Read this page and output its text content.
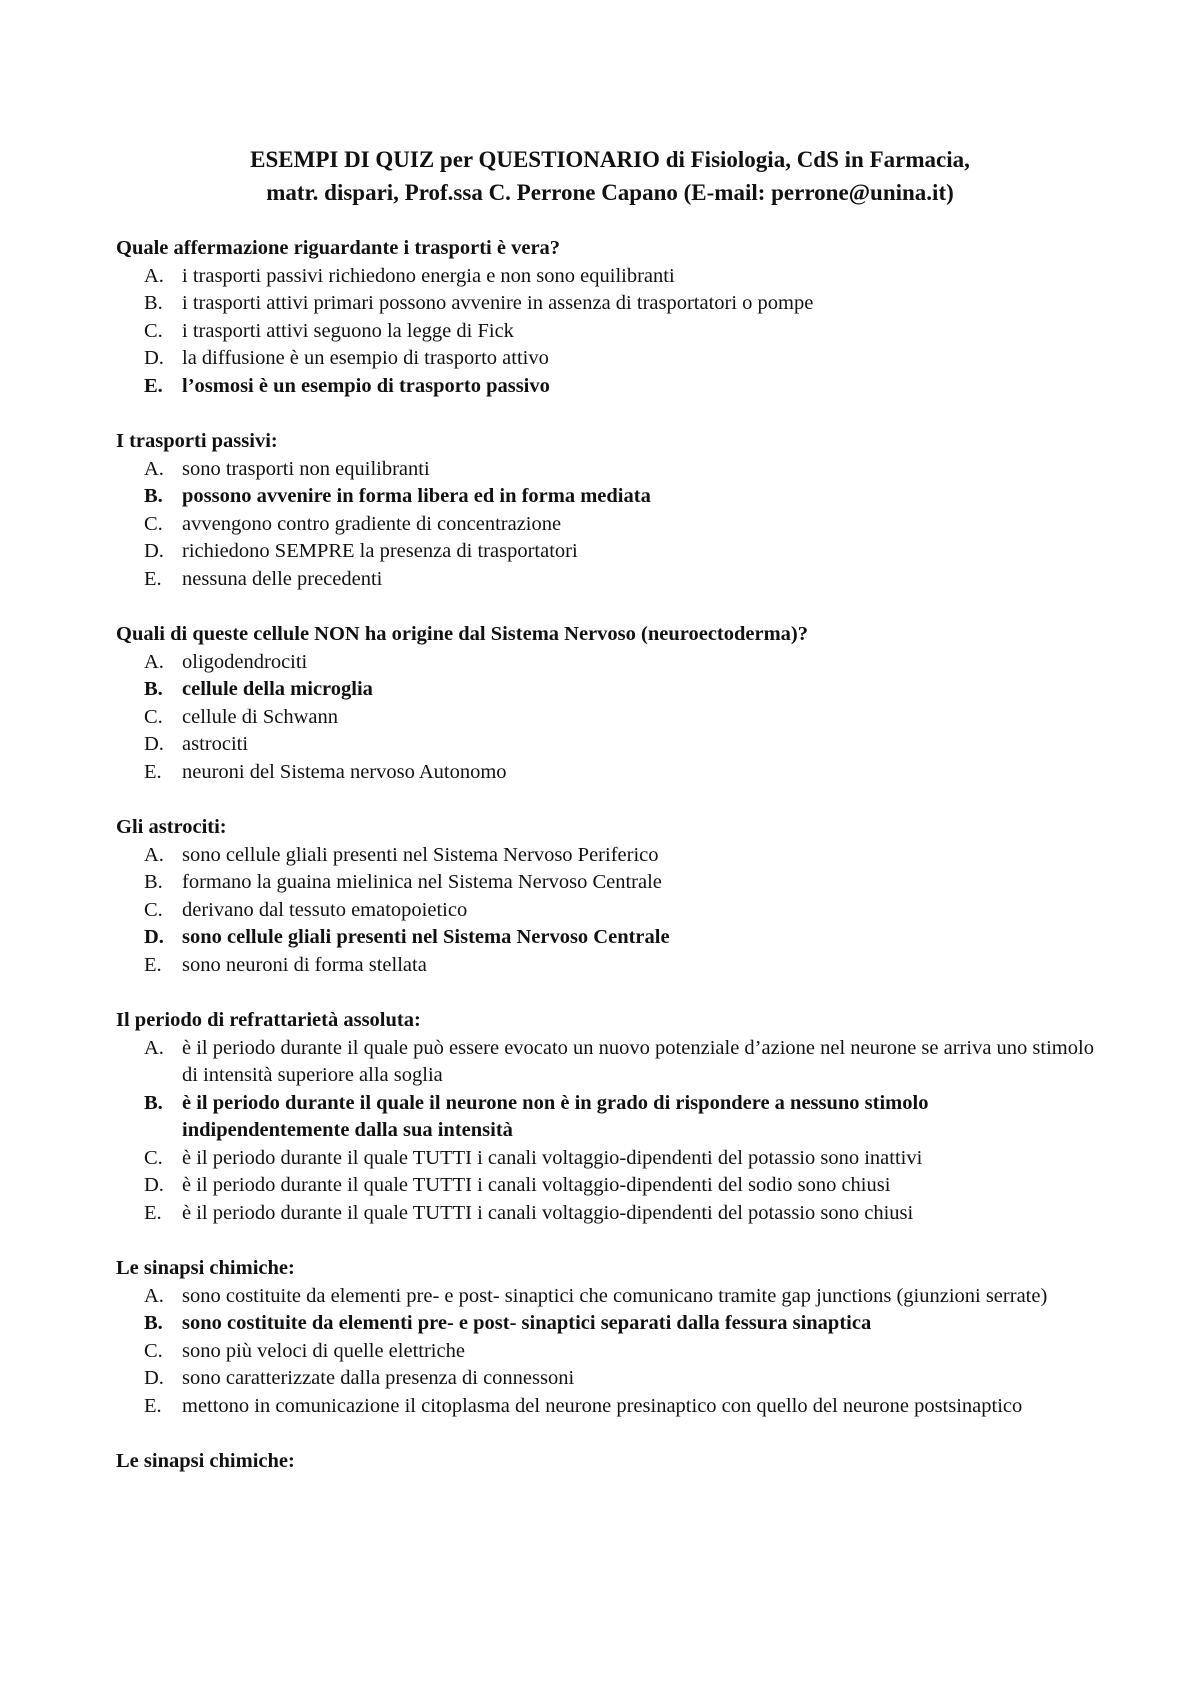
ESEMPI DI QUIZ per QUESTIONARIO di Fisiologia, CdS in Farmacia,
matr. dispari, Prof.ssa C. Perrone Capano (E-mail: perrone@unina.it)
Quale affermazione riguardante i trasporti è vera?
A. i trasporti passivi richiedono energia e non sono equilibranti
B. i trasporti attivi primari possono avvenire in assenza di trasportatori o pompe
C. i trasporti attivi seguono la legge di Fick
D. la diffusione è un esempio di trasporto attivo
E. l’osmosi è un esempio di trasporto passivo
I trasporti passivi:
A. sono trasporti non equilibranti
B. possono avvenire in forma libera ed in forma mediata
C. avvengono contro gradiente di concentrazione
D. richiedono SEMPRE la presenza di trasportatori
E. nessuna delle precedenti
Quali di queste cellule NON ha origine dal Sistema Nervoso (neuroectoderma)?
A. oligodendrociti
B. cellule della microglia
C. cellule di Schwann
D. astrociti
E. neuroni del Sistema nervoso Autonomo
Gli astrociti:
A. sono cellule gliali presenti nel Sistema Nervoso Periferico
B. formano la guaina mielinica nel Sistema Nervoso Centrale
C. derivano dal tessuto ematopoietico
D. sono cellule gliali presenti nel Sistema Nervoso Centrale
E. sono neuroni di forma stellata
Il periodo di refrattarietà assoluta:
A. è il periodo durante il quale può essere evocato un nuovo potenziale d’azione nel neurone se arriva uno stimolo di intensità superiore alla soglia
B. è il periodo durante il quale il neurone non è in grado di rispondere a nessuno stimolo indipendentemente dalla sua intensità
C. è il periodo durante il quale TUTTI i canali voltaggio-dipendenti del potassio sono inattivi
D. è il periodo durante il quale TUTTI i canali voltaggio-dipendenti del sodio sono chiusi
E. è il periodo durante il quale TUTTI i canali voltaggio-dipendenti del potassio sono chiusi
Le sinapsi chimiche:
A. sono costituite da elementi pre- e post- sinaptici che comunicano tramite gap junctions (giunzioni serrate)
B. sono costituite da elementi pre- e post- sinaptici separati dalla fessura sinaptica
C. sono più veloci di quelle elettriche
D. sono caratterizzate dalla presenza di connessoni
E. mettono in comunicazione il citoplasma del neurone presinaptico con quello del neurone postsinaptico
Le sinapsi chimiche:
